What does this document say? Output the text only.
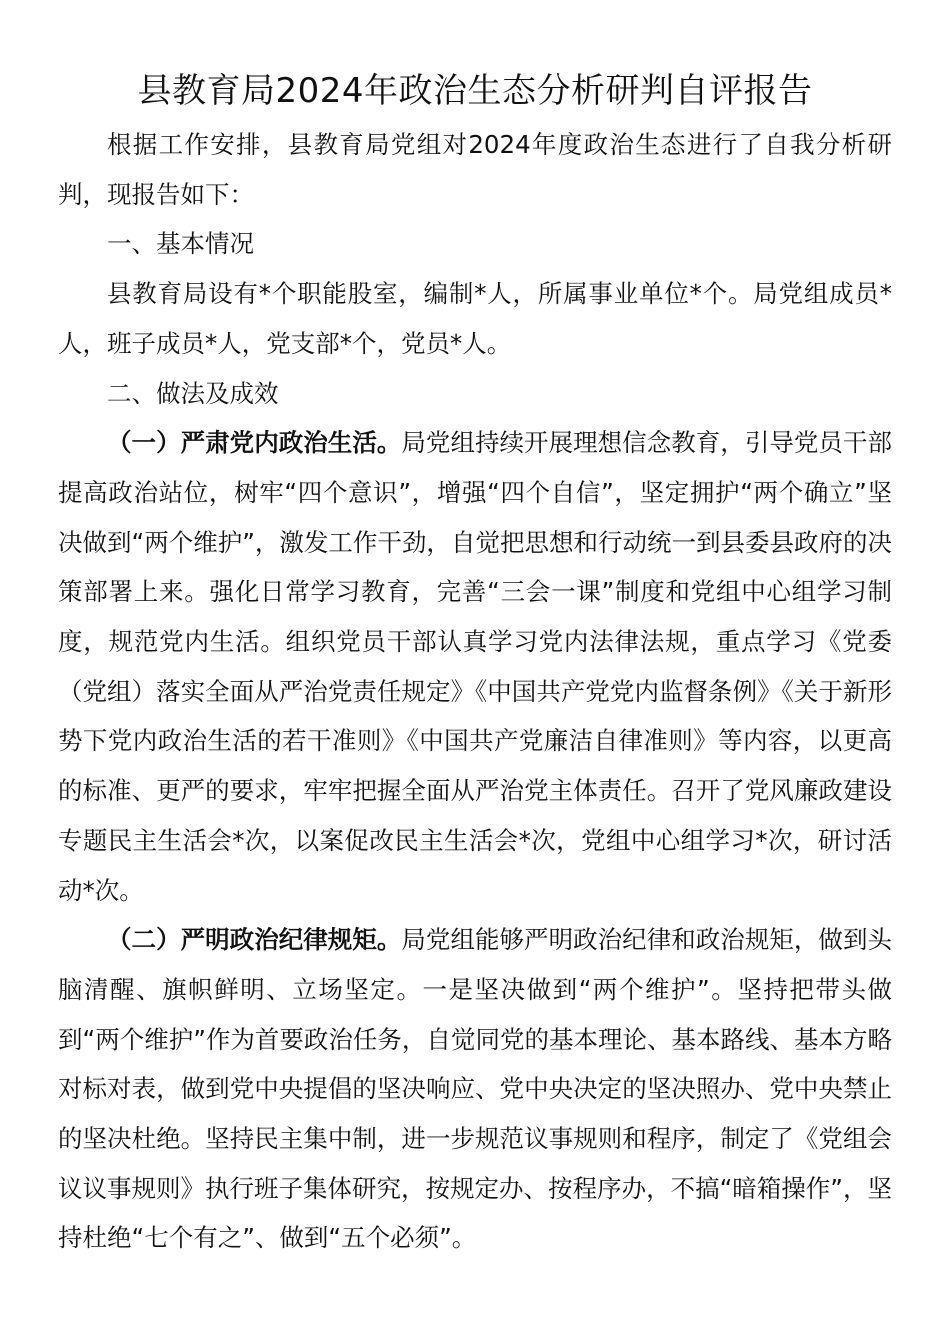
县教育局2024年政治生态分析研判自评报告

根据工作安排，县教育局党组对2024年度政治生态进行了自我分析研判，现报告如下：

一、基本情况

县教育局设有*个职能股室，编制*人，所属事业单位*个。局党组成员*人，班子成员*人，党支部*个，党员*人。

二、做法及成效

（一）严肃党内政治生活。局党组持续开展理想信念教育，引导党员干部提高政治站位，树牢“四个意识”，增强“四个自信”，坚定拥护“两个确立”坚决做到“两个维护”，激发工作干劲，自觉把思想和行动统一到县委县政府的决策部署上来。强化日常学习教育，完善“三会一课”制度和党组中心组学习制度，规范党内生活。组织党员干部认真学习党内法律法规，重点学习《党委（党组）落实全面从严治党责任规定》《中国共产党党内监督条例》《关于新形势下党内政治生活的若干准则》《中国共产党廉洁自律准则》等内容，以更高的标准、更严的要求，牢牢把握全面从严治党主体责任。召开了党风廉政建设专题民主生活会*次，以案促改民主生活会*次，党组中心组学习*次，研讨活动*次。

（二）严明政治纪律规矩。局党组能够严明政治纪律和政治规矩，做到头脑清醒、旗帜鲜明、立场坚定。一是坚决做到“两个维护”。坚持把带头做到“两个维护”作为首要政治任务，自觉同党的基本理论、基本路线、基本方略对标对表，做到党中央提倡的坚决响应、党中央决定的坚决照办、党中央禁止的坚决杜绝。坚持民主集中制，进一步规范议事规则和程序，制定了《党组会议议事规则》执行班子集体研究，按规定办、按程序办，不搞“暗箱操作”，坚持杜绝“七个有之”、做到“五个必须”。
